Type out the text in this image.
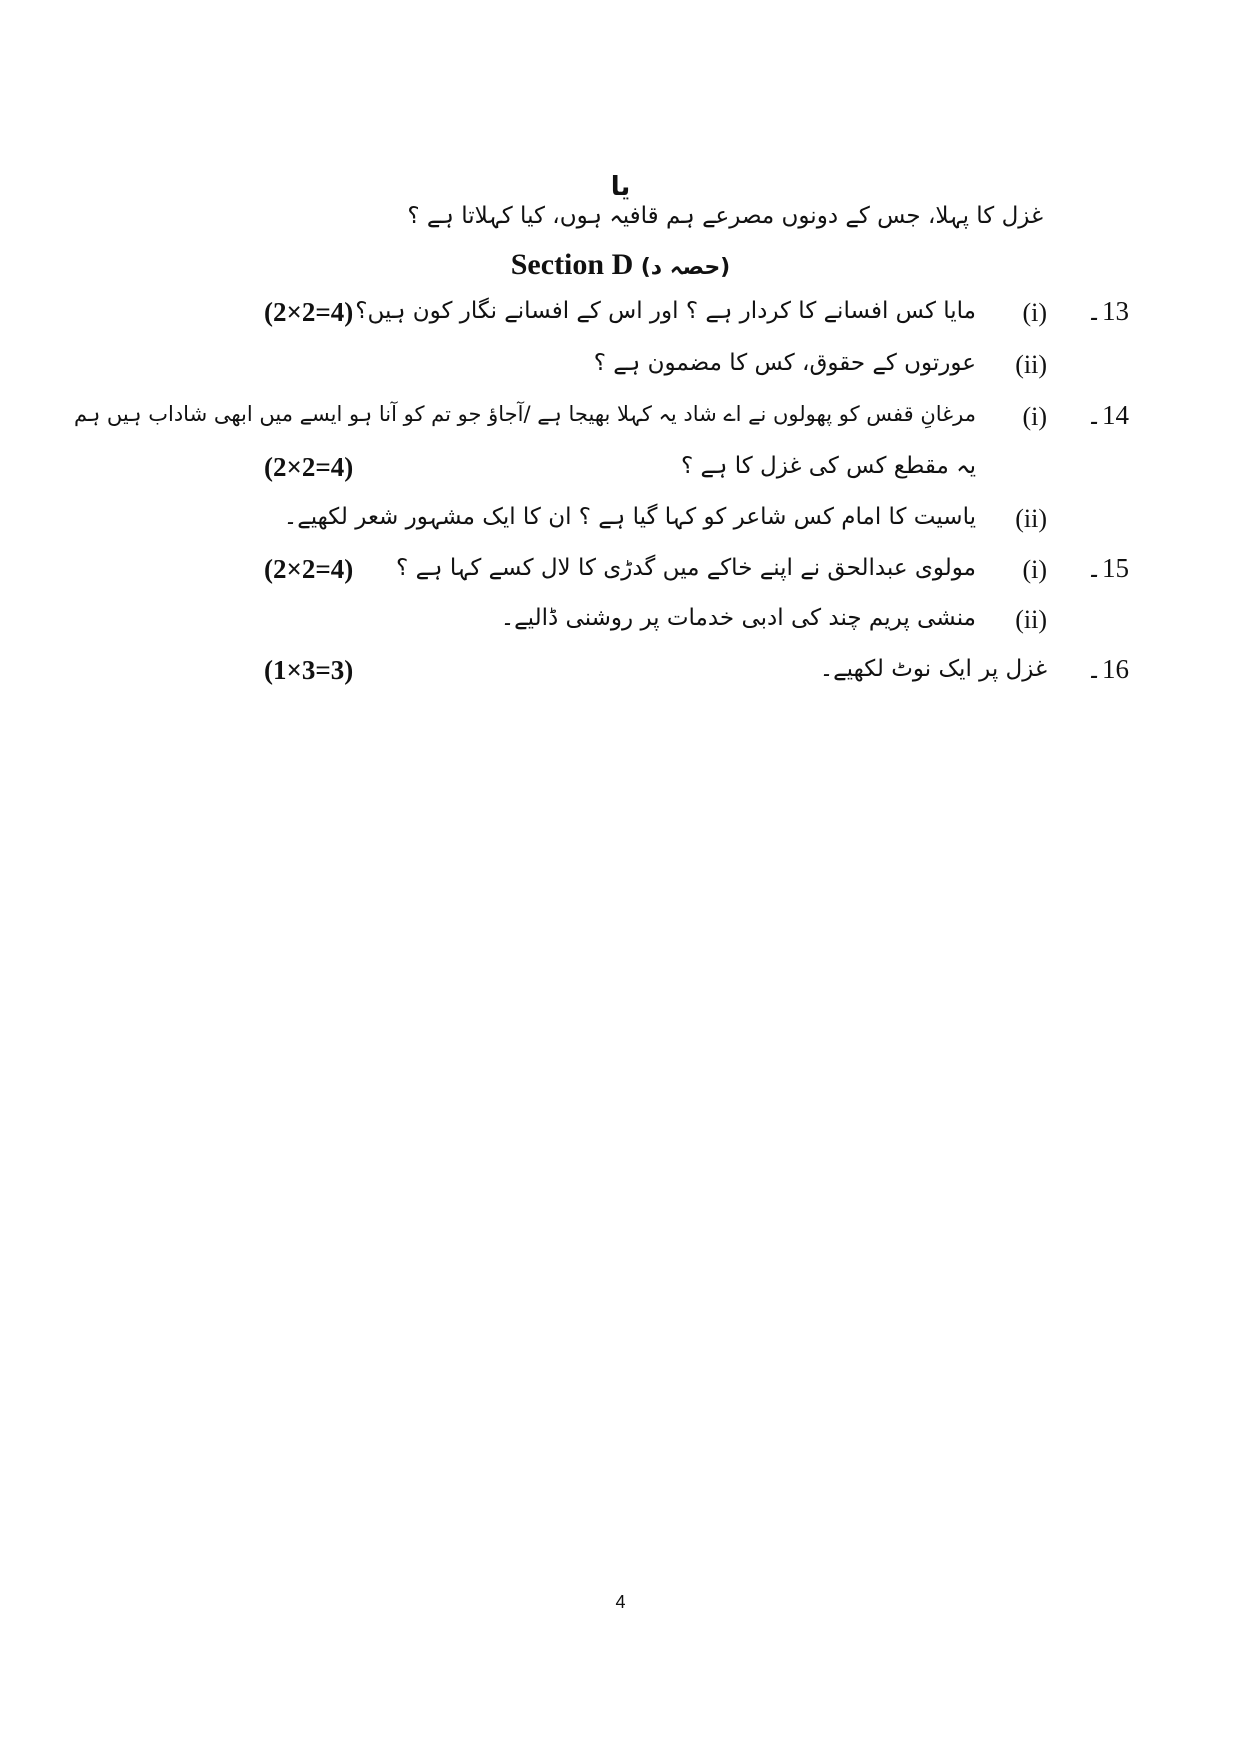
یا
غزل کا پہلا، جس کے دونوں مصرعے ہم قافیہ ہوں، کیا کہلاتا ہے ؟
Section D (حصہ د)
13۔
(i)
مایا کس افسانے کا کردار ہے ؟ اور اس کے افسانے نگار کون ہیں؟
(2×2=4)
(ii)
عورتوں کے حقوق، کس کا مضمون ہے ؟
14۔
(i)
مرغانِ قفس کو پھولوں نے اے شاد یہ کہلا بھیجا ہے /آجاؤ جو تم کو آنا ہو ایسے میں ابھی شاداب ہیں ہم
یہ مقطع کس کی غزل کا ہے ؟
(2×2=4)
(ii)
یاسیت کا امام کس شاعر کو کہا گیا ہے ؟ ان کا ایک مشہور شعر لکھیے۔
15۔
(i)
مولوی عبدالحق نے اپنے خاکے میں گدڑی کا لال کسے کہا ہے ؟
(2×2=4)
(ii)
منشی پریم چند کی ادبی خدمات پر روشنی ڈالیے۔
16۔
غزل پر ایک نوٹ لکھیے۔
(1×3=3)
4
